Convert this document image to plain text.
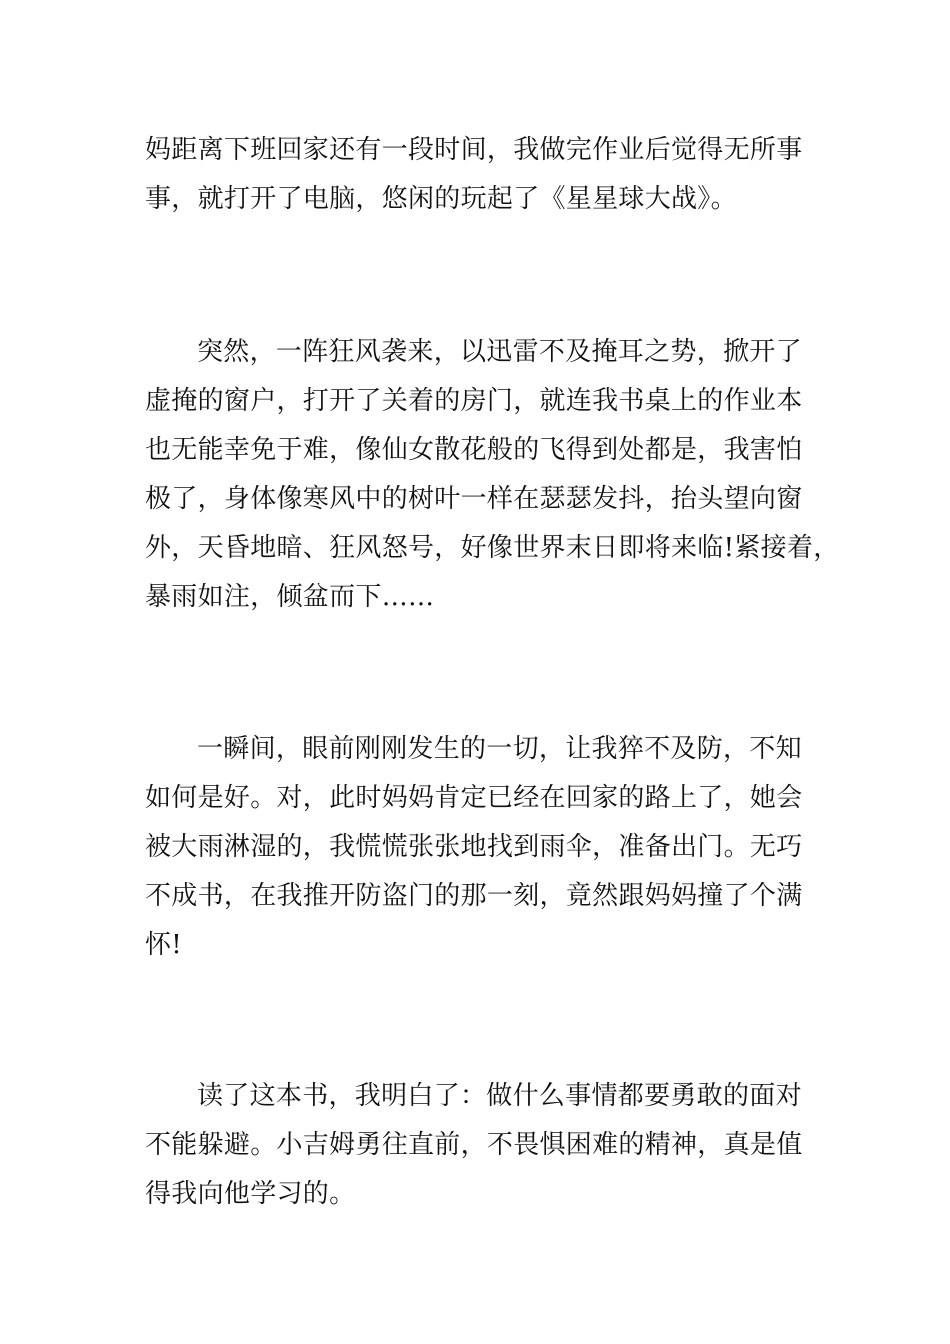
妈距离下班回家还有一段时间，我做完作业后觉得无所事

事，就打开了电脑，悠闲的玩起了《星星球大战》。

突然，一阵狂风袭来，以迅雷不及掩耳之势，掀开了

虚掩的窗户，打开了关着的房门，就连我书桌上的作业本

也无能幸免于难，像仙女散花般的飞得到处都是，我害怕

极了，身体像寒风中的树叶一样在瑟瑟发抖，抬头望向窗

外，天昏地暗、狂风怒号，好像世界末日即将来临!紧接着，

暴雨如注，倾盆而下……

一瞬间，眼前刚刚发生的一切，让我猝不及防，不知

如何是好。对，此时妈妈肯定已经在回家的路上了，她会

被大雨淋湿的，我慌慌张张地找到雨伞，准备出门。无巧

不成书，在我推开防盗门的那一刻，竟然跟妈妈撞了个满

怀!

读了这本书，我明白了：做什么事情都要勇敢的面对

不能躲避。小吉姆勇往直前，不畏惧困难的精神，真是值

得我向他学习的。
